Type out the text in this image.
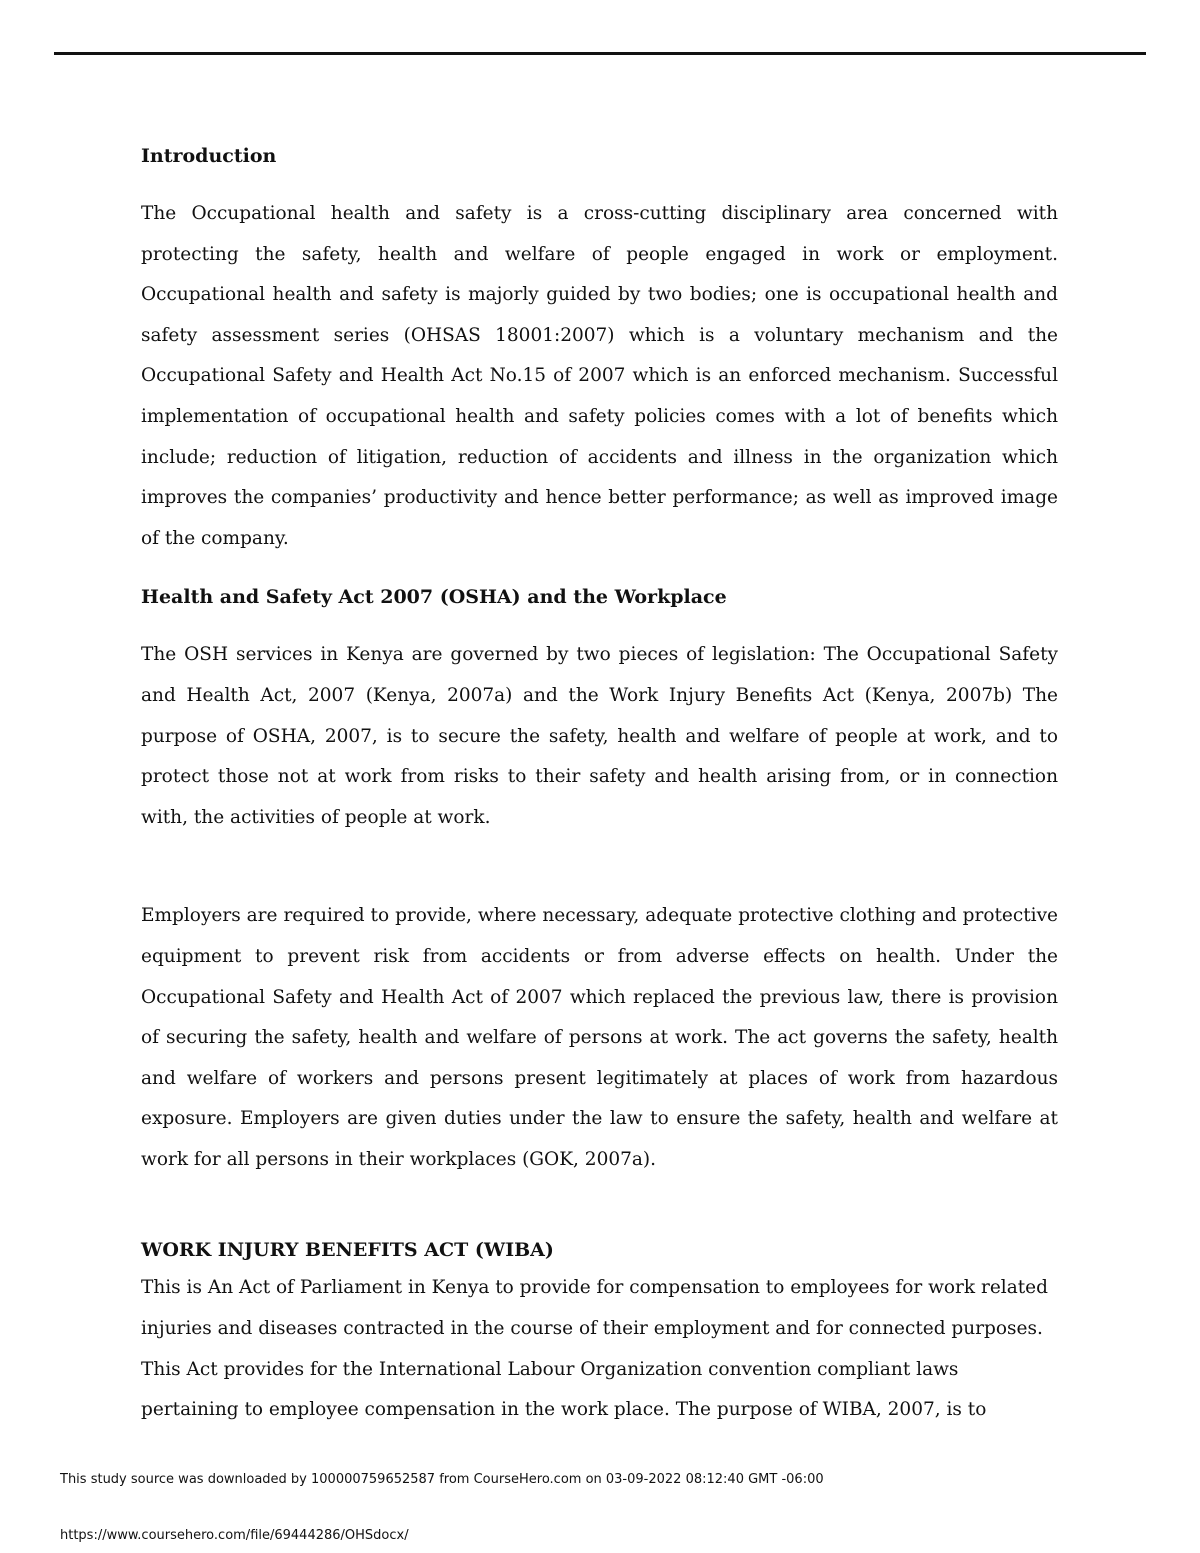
Introduction

The Occupational health and safety is a cross-cutting disciplinary area concerned with protecting the safety, health and welfare of people engaged in work or employment. Occupational health and safety is majorly guided by two bodies; one is occupational health and safety assessment series (OHSAS 18001:2007) which is a voluntary mechanism and the Occupational Safety and Health Act No.15 of 2007 which is an enforced mechanism. Successful implementation of occupational health and safety policies comes with a lot of benefits which include; reduction of litigation, reduction of accidents and illness in the organization which improves the companies’ productivity and hence better performance; as well as improved image of the company.

Health and Safety Act 2007 (OSHA) and the Workplace

The OSH services in Kenya are governed by two pieces of legislation: The Occupational Safety and Health Act, 2007 (Kenya, 2007a) and the Work Injury Benefits Act (Kenya, 2007b) The purpose of OSHA, 2007, is to secure the safety, health and welfare of people at work, and to protect those not at work from risks to their safety and health arising from, or in connection with, the activities of people at work.

Employers are required to provide, where necessary, adequate protective clothing and protective equipment to prevent risk from accidents or from adverse effects on health. Under the Occupational Safety and Health Act of 2007 which replaced the previous law, there is provision of securing the safety, health and welfare of persons at work. The act governs the safety, health and welfare of workers and persons present legitimately at places of work from hazardous exposure. Employers are given duties under the law to ensure the safety, health and welfare at work for all persons in their workplaces (GOK, 2007a).

WORK INJURY BENEFITS ACT (WIBA)

This is An Act of Parliament in Kenya to provide for compensation to employees for work related injuries and diseases contracted in the course of their employment and for connected purposes. This Act provides for the International Labour Organization convention compliant laws pertaining to employee compensation in the work place. The purpose of WIBA, 2007, is to

This study source was downloaded by 100000759652587 from CourseHero.com on 03-09-2022 08:12:40 GMT -06:00
https://www.coursehero.com/file/69444286/OHSdocx/
